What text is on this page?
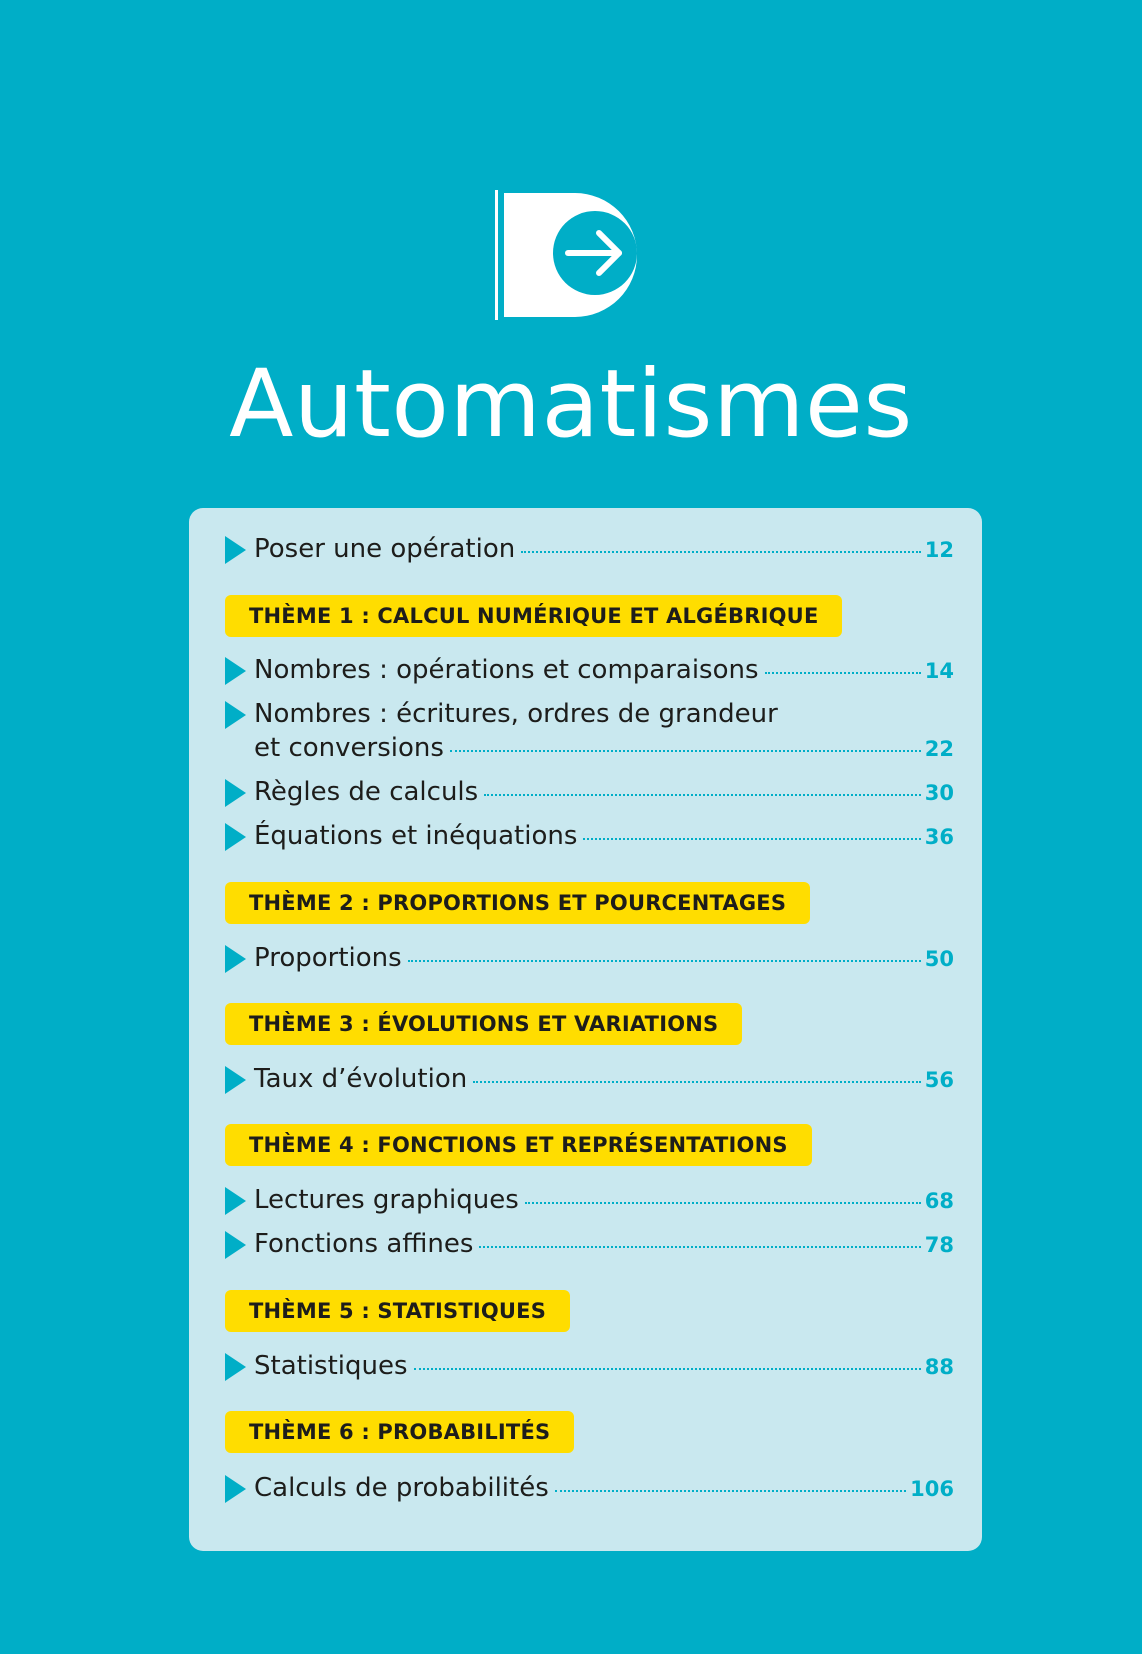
Automatismes
Poser une opération	12
THÈME 1 : CALCUL NUMÉRIQUE ET ALGÉBRIQUE
Nombres : opérations et comparaisons	14
Nombres : écritures, ordres de grandeur
et conversions	22
Règles de calculs	30
Équations et inéquations	36
THÈME 2 : PROPORTIONS ET POURCENTAGES
Proportions	50
THÈME 3 : ÉVOLUTIONS ET VARIATIONS
Taux d’évolution	56
THÈME 4 : FONCTIONS ET REPRÉSENTATIONS
Lectures graphiques	68
Fonctions affines	78
THÈME 5 : STATISTIQUES
Statistiques	88
THÈME 6 : PROBABILITÉS
Calculs de probabilités	106
